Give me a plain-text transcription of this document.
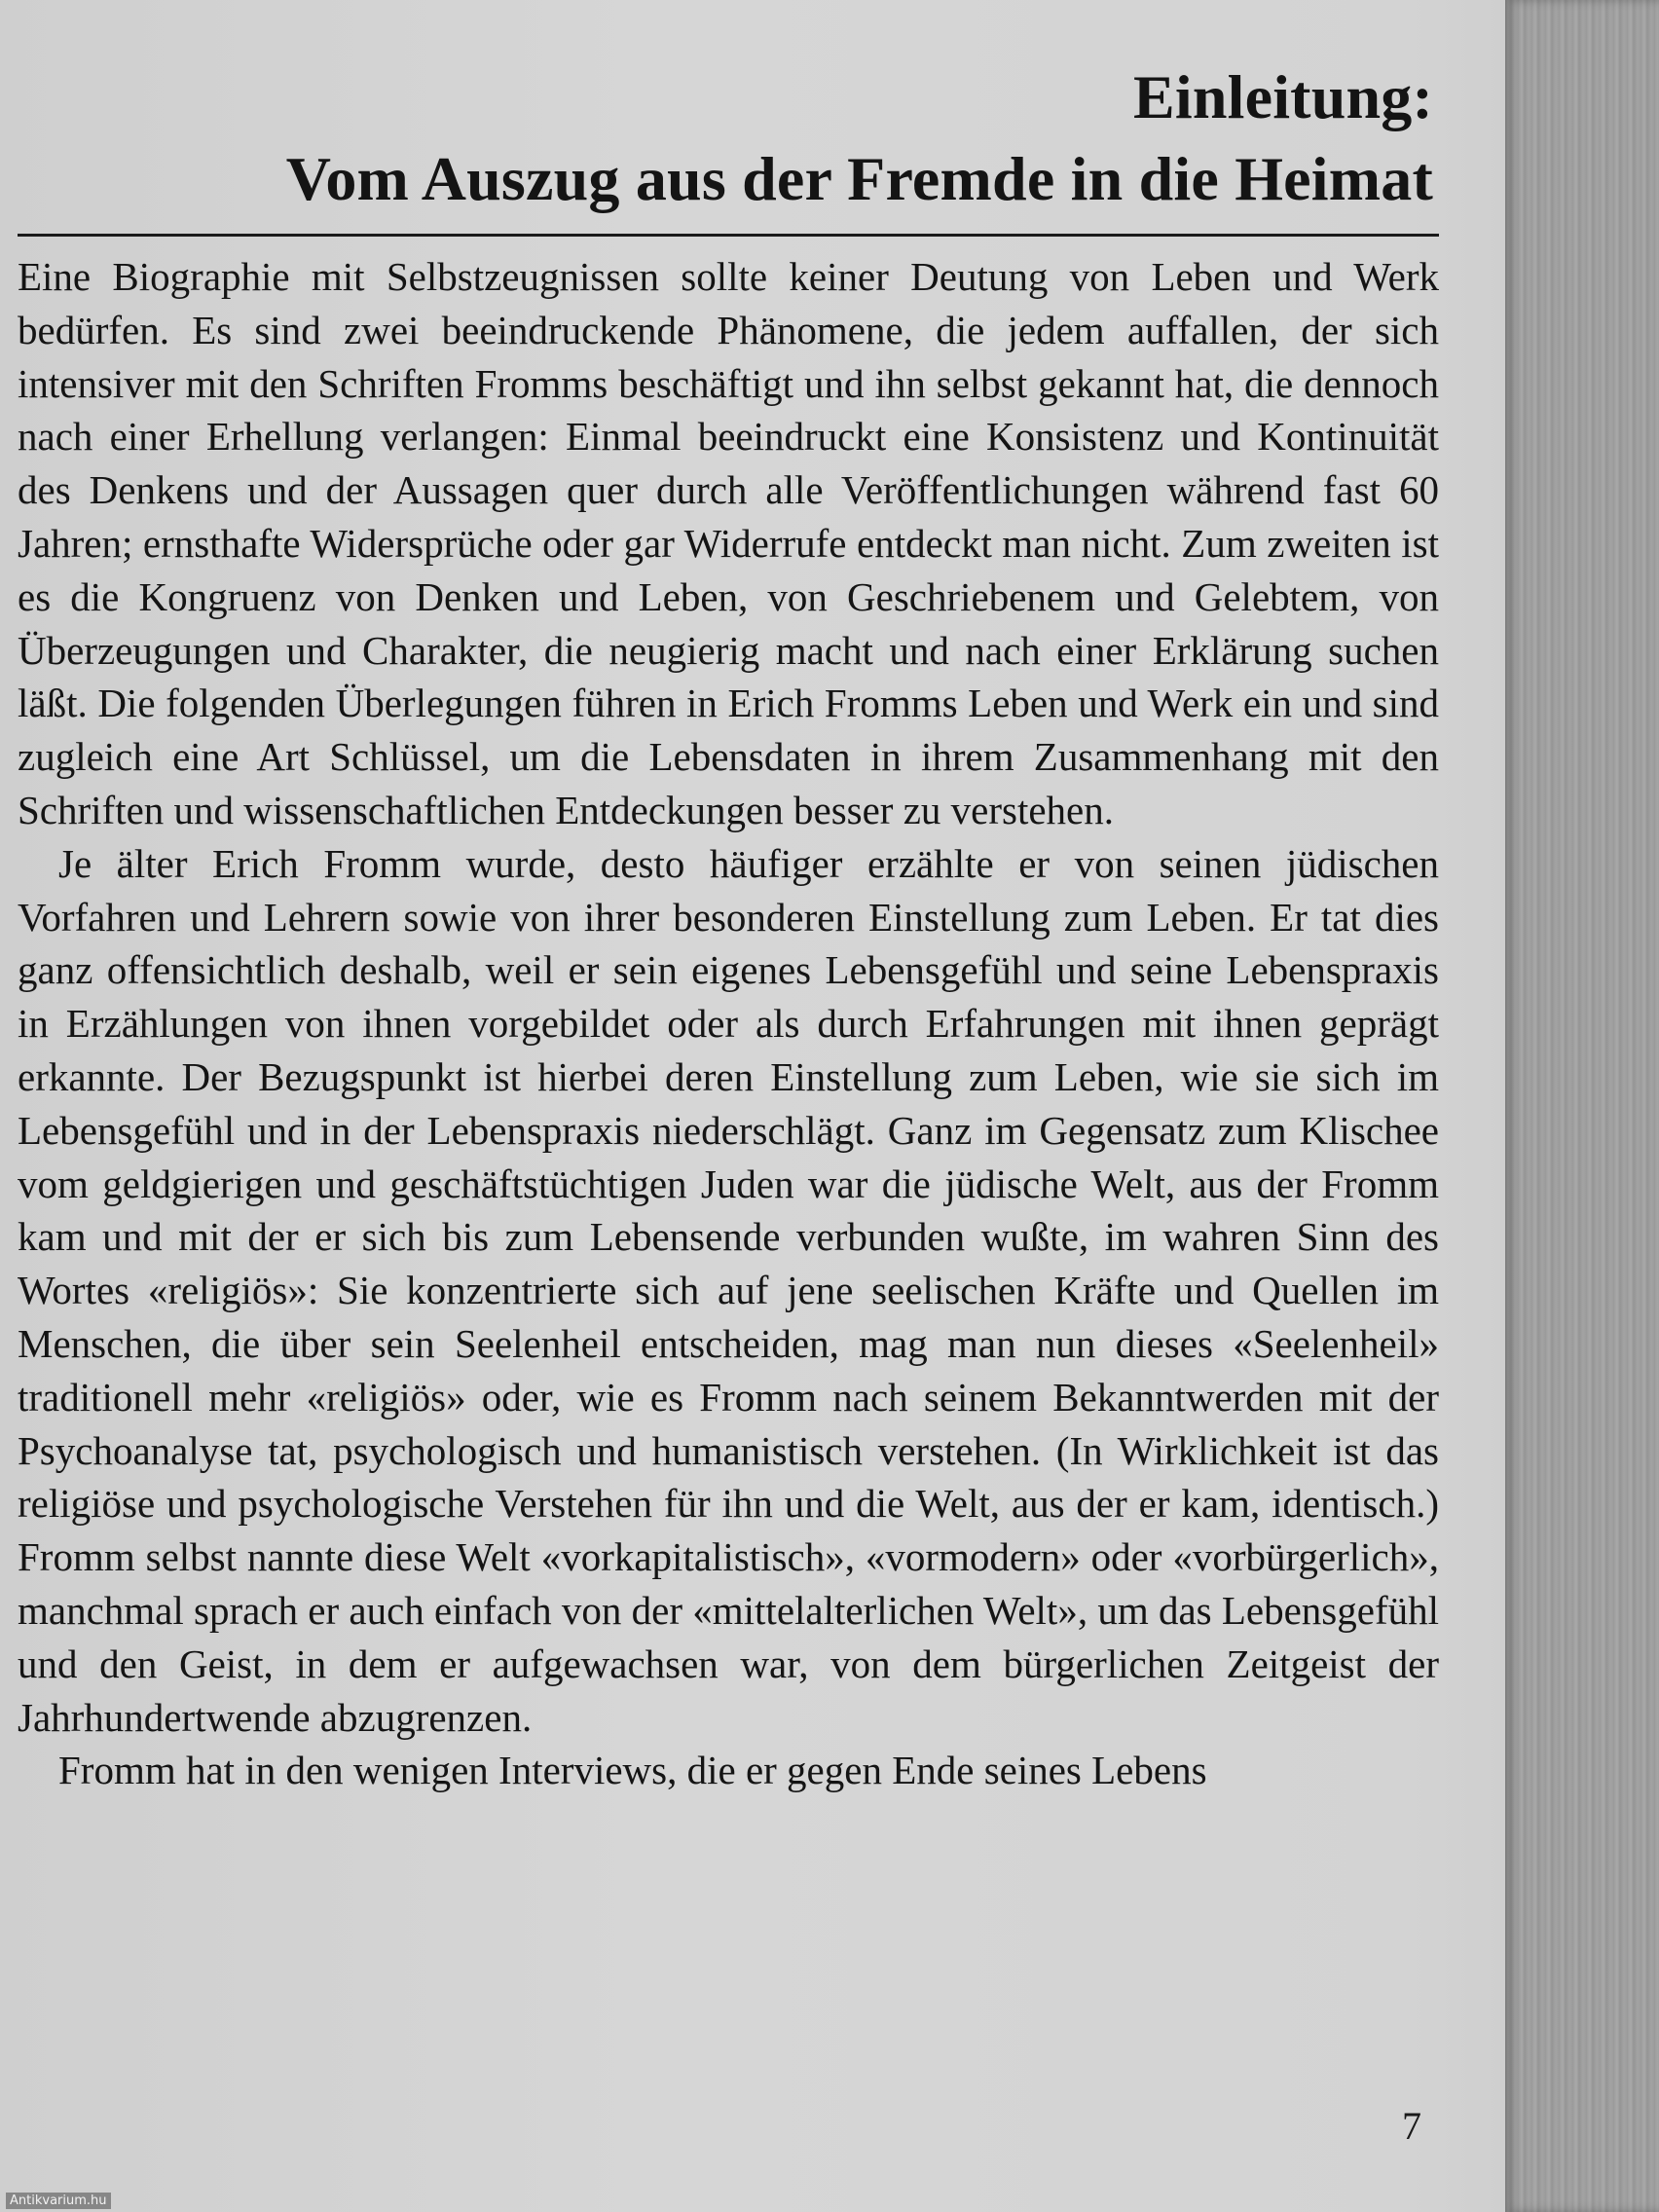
Einleitung:
Vom Auszug aus der Fremde in die Heimat

Eine Biographie mit Selbstzeugnissen sollte keiner Deutung von Leben und Werk bedürfen. Es sind zwei beeindruckende Phänomene, die jedem auffallen, der sich intensiver mit den Schriften Fromms beschäftigt und ihn selbst gekannt hat, die dennoch nach einer Erhellung verlangen: Einmal beeindruckt eine Konsistenz und Kontinuität des Denkens und der Aussagen quer durch alle Veröffentlichungen während fast 60 Jahren; ernsthafte Widersprüche oder gar Widerrufe entdeckt man nicht. Zum zweiten ist es die Kongruenz von Denken und Leben, von Geschriebenem und Gelebtem, von Überzeugungen und Charakter, die neugierig macht und nach einer Erklärung suchen läßt. Die folgenden Überlegungen führen in Erich Fromms Leben und Werk ein und sind zugleich eine Art Schlüssel, um die Lebensdaten in ihrem Zusammenhang mit den Schriften und wissenschaftlichen Entdeckungen besser zu verstehen.

Je älter Erich Fromm wurde, desto häufiger erzählte er von seinen jüdischen Vorfahren und Lehrern sowie von ihrer besonderen Einstellung zum Leben. Er tat dies ganz offensichtlich deshalb, weil er sein eigenes Lebensgefühl und seine Lebenspraxis in Erzählungen von ihnen vorgebildet oder als durch Erfahrungen mit ihnen geprägt erkannte. Der Bezugspunkt ist hierbei deren Einstellung zum Leben, wie sie sich im Lebensgefühl und in der Lebenspraxis niederschlägt. Ganz im Gegensatz zum Klischee vom geldgierigen und geschäftstüchtigen Juden war die jüdische Welt, aus der Fromm kam und mit der er sich bis zum Lebensende verbunden wußte, im wahren Sinn des Wortes «religiös»: Sie konzentrierte sich auf jene seelischen Kräfte und Quellen im Menschen, die über sein Seelenheil entscheiden, mag man nun dieses «Seelenheil» traditionell mehr «religiös» oder, wie es Fromm nach seinem Bekanntwerden mit der Psychoanalyse tat, psychologisch und humanistisch verstehen. (In Wirklichkeit ist das religiöse und psychologische Verstehen für ihn und die Welt, aus der er kam, identisch.) Fromm selbst nannte diese Welt «vorkapitalistisch», «vormodern» oder «vorbürgerlich», manchmal sprach er auch einfach von der «mittelalterlichen Welt», um das Lebensgefühl und den Geist, in dem er aufgewachsen war, von dem bürgerlichen Zeitgeist der Jahrhundertwende abzugrenzen.

Fromm hat in den wenigen Interviews, die er gegen Ende seines Lebens

7
Antikvarium.hu
